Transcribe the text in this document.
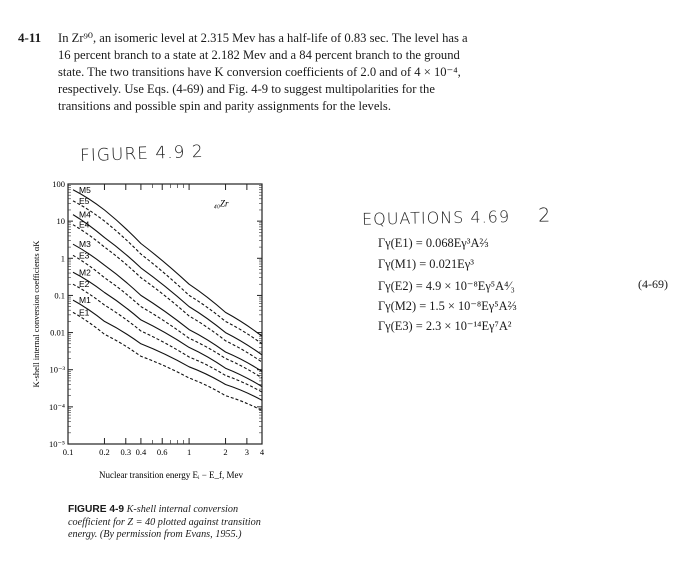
4-11 In Zr⁹⁰, an isomeric level at 2.315 Mev has a half-life of 0.83 sec. The level has a
16 percent branch to a state at 2.182 Mev and a 84 percent branch to the ground
state. The two transitions have K conversion coefficients of 2.0 and of 4 × 10⁻⁴,
respectively. Use Eqs. (4-69) and Fig. 4-9 to suggest multipolarities for the
transitions and possible spin and parity assignments for the levels.
FIGURE 4.9 2
EQUATIONS 4.69 2
Γγ(E1) = 0.068Eγ³A⅔
Γγ(M1) = 0.021Eγ³
Γγ(E2) = 4.9 × 10⁻⁸Eγ⁵A⁴⁄₃
Γγ(M2) = 1.5 × 10⁻⁸Eγ⁵A⅔
Γγ(E3) = 2.3 × 10⁻¹⁴Eγ⁷A²
(4-69)
100
10
1
0.1
0.01
10⁻³
10⁻⁴
10⁻⁵
0.1	0.2 0.3 0.4 0.6 1	2 3 4
Nuclear transition energy Eᵢ − E_f, Mev
K-shell internal conversion coefficients αK
₄₀Zr
M5
E5
M4
E4
M3
E3
M2
E2
M1
E1
FIGURE 4-9 K-shell internal conversion coefficient for Z = 40 plotted against transition energy. (By permission from Evans, 1955.)
